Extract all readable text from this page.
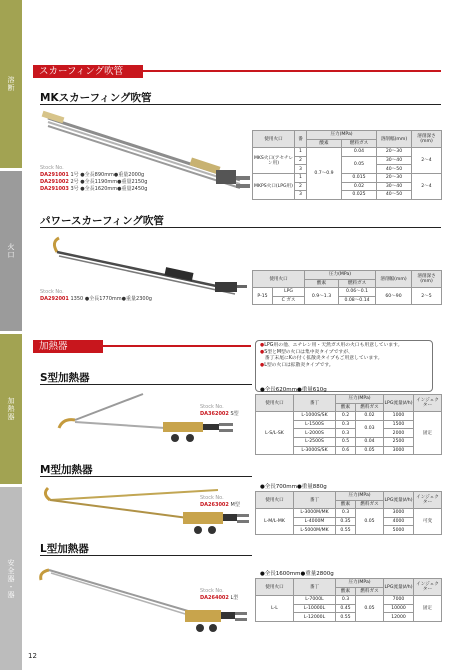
溶断
火口
加熱器
安全器・器
スカーフィング吹管
MKスカーフィング吹管
Stock No.
DA291001 1号 ●全長890mm●重量2000g
DA291002 2号 ●全長1190mm●重量2150g
DA291003 3号 ●全長1620mm●重量2450g
使用火口	番	圧力(MPa)		溶削幅(mm)	溶削深さ(mm)
		酸素	燃料ガス		
MKS火口(アセチレン用)	1	0.7〜0.9	0.04	20〜30	2〜4
	2		0.05	30〜40	
	3			40〜50	
MKPS火口(LPG用)	1		0.015	20〜30	2〜4
	2		0.02	30〜40	
	3		0.025	40〜50	
パワースカーフィング吹管
Stock No.
DA292001 1350 ●全長1770mm●重量2300g
使用火口		圧力(MPa)		溶削幅(mm)	溶削深さ(mm)
		酸素	燃料ガス		
P-15	LPG	0.9〜1.3	0.06〜0.1	60〜90	2〜5
	C ガス		0.08〜0.14		
加熱器	●LPG用の他、エチレン用・天然ガス用の火口も用意しています。
●S型とM型の火口は集中炎タイプですが、
　番丁末尾にKの付く拡散炎タイプもご用意しています。
●L型の火口は拡散炎タイプです。
S型加熱器
Stock No.
DA362002 S型
●全長620mm●重量610g
使用火口	番丁	圧力(MPa)		LPG流量(ℓ/h)	インジェクター
		酸素	燃料ガス		
L-S/L-SK	L-1000S/SK	0.2	0.02	1000	固定
	L-1500S	0.3	0.03	1500	
	L-2000S	0.3		2000	
	L-2500S	0.5	0.04	2500	
	L-3000S/SK	0.6	0.05	3000	
M型加熱器
Stock No.
DA263002 M型
●全長700mm●重量880g
使用火口	番丁	圧力(MPa)		LPG流量(ℓ/h)	インジェクター
		酸素	燃料ガス		
L-M/L-MK	L-3000M/MK	0.3	0.05	3000	可変
	L-4000M	0.35		4000	
	L-5000M/MK	0.55		5000	
L型加熱器
Stock No.
DA264002 L型
●全長1600mm●重量2800g
使用火口	番丁	圧力(MPa)		LPG流量(ℓ/h)	インジェクター
		酸素	燃料ガス		
L-L	L-7000L	0.3	0.05	7000	固定
	L-10000L	0.45		10000	
	L-12000L	0.55		12000	
12
